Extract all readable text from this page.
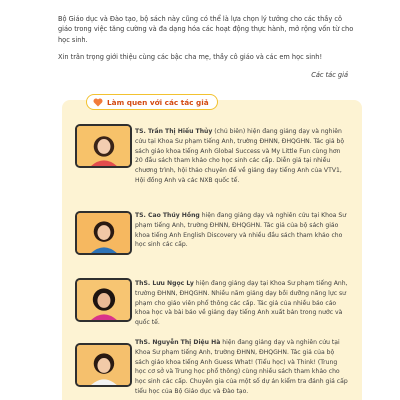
Bộ Giáo dục và Đào tạo, bộ sách này cũng có thể là lựa chọn lý tưởng cho các thầy cô giáo trong việc tăng cường và đa dạng hóa các hoạt động thực hành, mở rộng vốn từ cho học sinh.

Xin trân trọng giới thiệu cùng các bậc cha mẹ, thầy cô giáo và các em học sinh!

Các tác giả
Làm quen với các tác giả
TS. Trần Thị Hiếu Thủy (chủ biên) hiện đang giảng dạy và nghiên cứu tại Khoa Sư phạm tiếng Anh, trường ĐHNN, ĐHQGHN. Tác giả bộ sách giáo khoa tiếng Anh Global Success và My Little Fun cùng hơn 20 đầu sách tham khảo cho học sinh các cấp. Diễn giả tại nhiều chương trình, hội thảo chuyên đề về giảng dạy tiếng Anh của VTV1, Hội đồng Anh và các NXB quốc tế.
TS. Cao Thúy Hồng hiện đang giảng dạy và nghiên cứu tại Khoa Sư phạm tiếng Anh, trường ĐHNN, ĐHQGHN. Tác giả của bộ sách giáo khoa tiếng Anh English Discovery và nhiều đầu sách tham khảo cho học sinh các cấp.
ThS. Lưu Ngọc Ly hiện đang giảng dạy tại Khoa Sư phạm tiếng Anh, trường ĐHNN, ĐHQGHN. Nhiều năm giảng dạy bồi dưỡng năng lực sư phạm cho giáo viên phổ thông các cấp. Tác giả của nhiều báo cáo khoa học và bài báo về giảng dạy tiếng Anh xuất bản trong nước và quốc tế.
ThS. Nguyễn Thị Diệu Hà hiện đang giảng dạy và nghiên cứu tại Khoa Sư phạm tiếng Anh, trường ĐHNN, ĐHQGHN. Tác giả của bộ sách giáo khoa tiếng Anh Guess What! (Tiểu học) và Think! (Trung học cơ sở và Trung học phổ thông) cùng nhiều sách tham khảo cho học sinh các cấp. Chuyên gia của một số dự án kiểm tra đánh giá cấp tiểu học của Bộ Giáo dục và Đào tạo.
